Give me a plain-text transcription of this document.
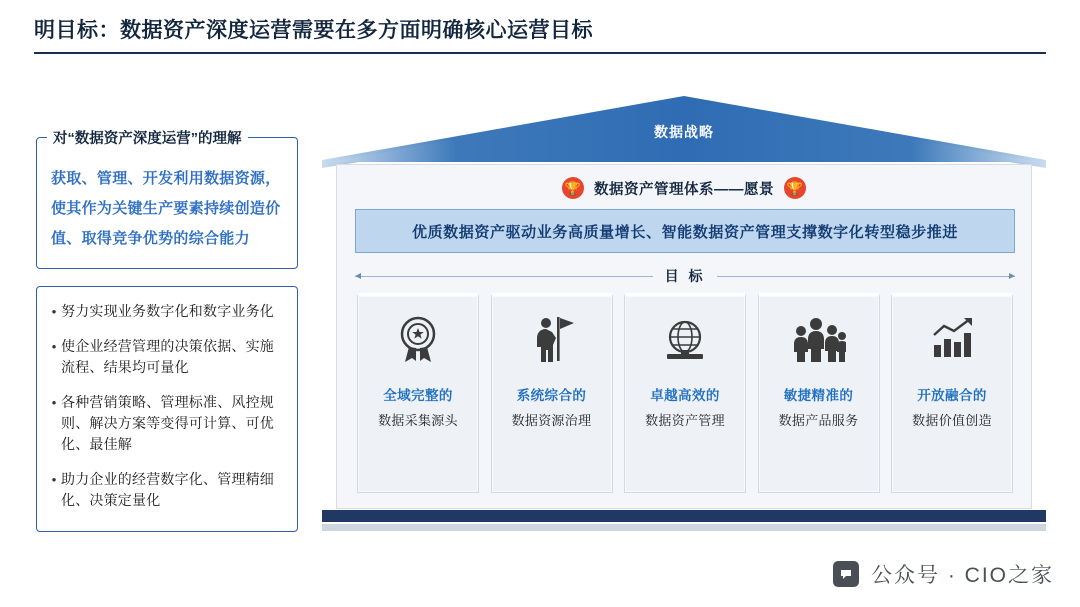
明目标：数据资产深度运营需要在多方面明确核心运营目标
对“数据资产深度运营”的理解
获取、管理、开发利用数据资源，使其作为关键生产要素持续创造价值、取得竞争优势的综合能力
• 努力实现业务数字化和数字业务化
• 使企业经营管理的决策依据、实施流程、结果均可量化
• 各种营销策略、管理标准、风控规则、解决方案等变得可计算、可优化、最佳解
• 助力企业的经营数字化、管理精细化、决策定量化
数据战略
🏆 数据资产管理体系——愿景 🏆
优质数据资产驱动业务高质量增长、智能数据资产管理支撑数字化转型稳步推进
目 标
全域完整的
数据采集源头
系统综合的
数据资源治理
卓越高效的
数据资产管理
敏捷精准的
数据产品服务
开放融合的
数据价值创造
公众号 · CIO之家
